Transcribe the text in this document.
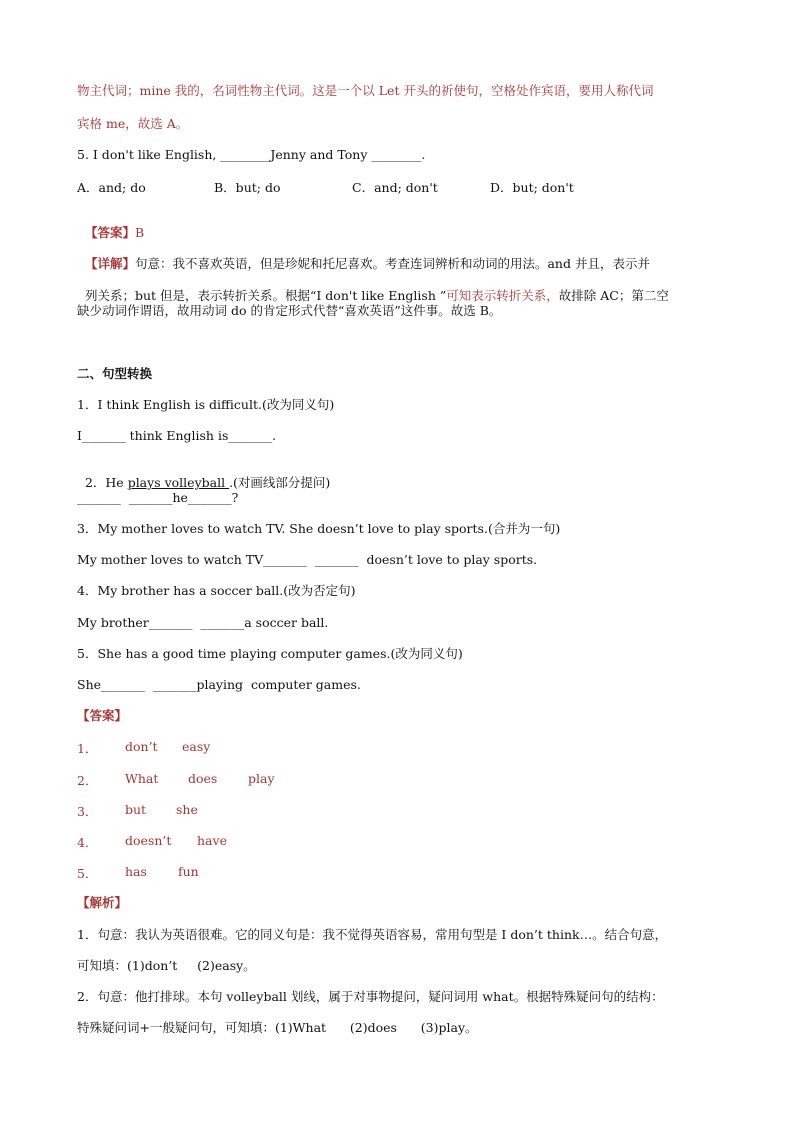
物主代词；mine 我的，名词性物主代词。这是一个以 Let 开头的祈使句，空格处作宾语，要用人称代词
宾格 me，故选 A。
5. I don't like English, ________Jenny and Tony ________.
A．and; do	B．but; do	C．and; don't	D．but; don't

【答案】B

【详解】句意：我不喜欢英语，但是珍妮和托尼喜欢。考查连词辨析和动词的用法。and 并且，表示并

列关系；but 但是，表示转折关系。根据“I don't like English ”可知表示转折关系，故排除 AC；第二空

缺少动词作谓语，故用动词 do 的肯定形式代替“喜欢英语”这件事。故选 B。
二、句型转换
1．I think English is difficult.(改为同义句)
I_______ think English is_______.

2．He plays volleyball .(对画线部分提问)

_______  _______he_______?
3．My mother loves to watch TV. She doesn’t love to play sports.(合并为一句)
My mother loves to watch TV_______  _______  doesn’t love to play sports.
4．My brother has a soccer ball.(改为否定句)
My brother_______  _______a soccer ball.
5．She has a good time playing computer games.(改为同义句)
She_______  _______playing  computer games.
【答案】
1． don’t easy
2． What does play
3． but she
4． doesn’t have
5． has fun
【解析】
1．句意：我认为英语很难。它的同义句是：我不觉得英语容易，常用句型是 I don’t think…。结合句意，
可知填：(1)don’t     (2)easy。
2．句意：他打排球。本句 volleyball 划线，属于对事物提问，疑问词用 what。根据特殊疑问句的结构：
特殊疑问词+一般疑问句，可知填：(1)What      (2)does      (3)play。
